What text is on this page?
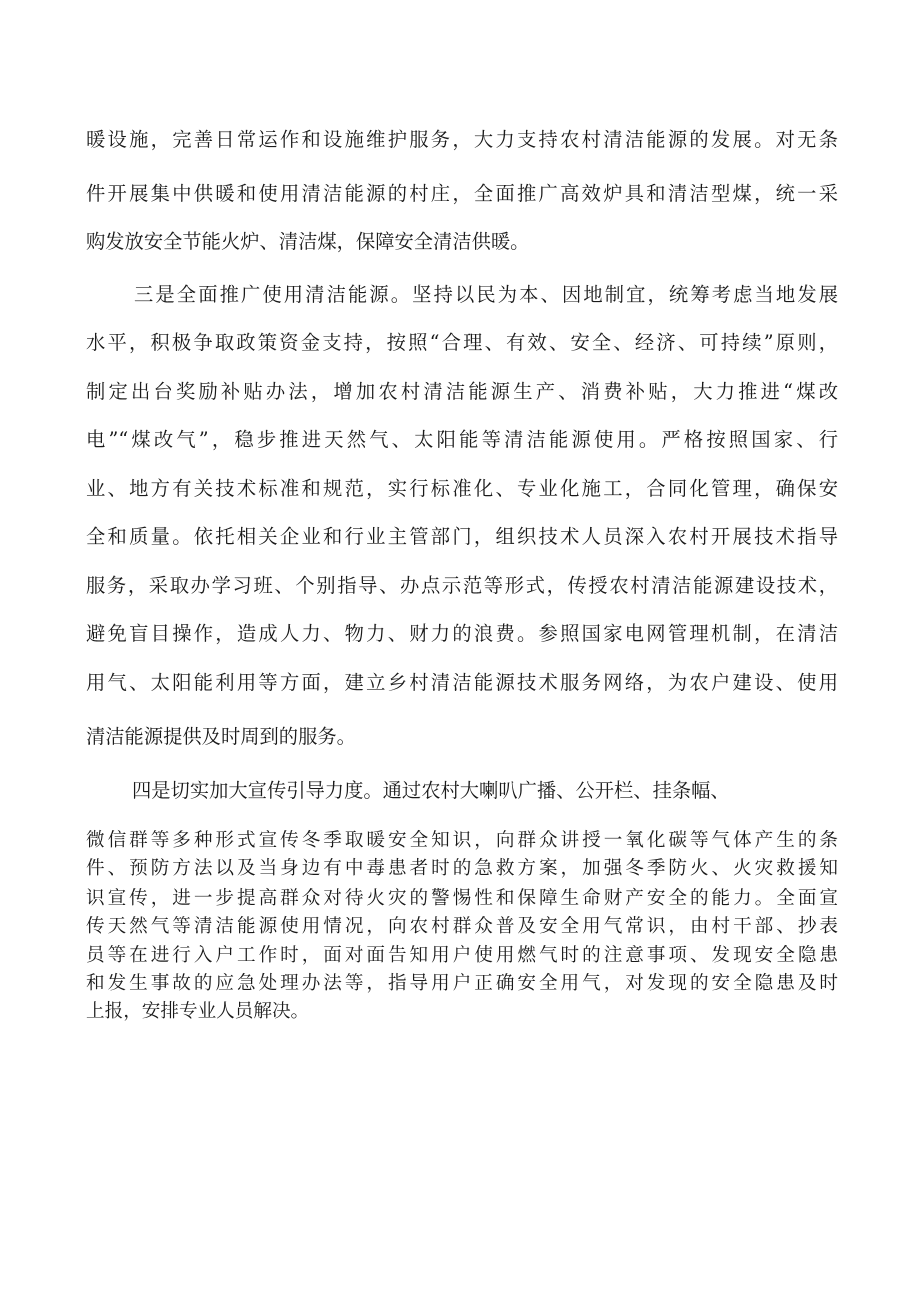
暖设施，完善日常运作和设施维护服务，大力支持农村清洁能源的发展。对无条

件开展集中供暖和使用清洁能源的村庄，全面推广高效炉具和清洁型煤，统一采

购发放安全节能火炉、清洁煤，保障安全清洁供暖。

三是全面推广使用清洁能源。坚持以民为本、因地制宜，统筹考虑当地发展

水平，积极争取政策资金支持，按照“合理、有效、安全、经济、可持续”原则，

制定出台奖励补贴办法，增加农村清洁能源生产、消费补贴，大力推进“煤改

电”“煤改气”，稳步推进天然气、太阳能等清洁能源使用。严格按照国家、行

业、地方有关技术标准和规范，实行标准化、专业化施工，合同化管理，确保安

全和质量。依托相关企业和行业主管部门，组织技术人员深入农村开展技术指导

服务，采取办学习班、个别指导、办点示范等形式，传授农村清洁能源建设技术，

避免盲目操作，造成人力、物力、财力的浪费。参照国家电网管理机制，在清洁

用气、太阳能利用等方面，建立乡村清洁能源技术服务网络，为农户建设、使用

清洁能源提供及时周到的服务。

四是切实加大宣传引导力度。通过农村大喇叭广播、公开栏、挂条幅、

微信群等多种形式宣传冬季取暖安全知识，向群众讲授一氧化碳等气体产生的条

件、预防方法以及当身边有中毒患者时的急救方案，加强冬季防火、火灾救援知

识宣传，进一步提高群众对待火灾的警惕性和保障生命财产安全的能力。全面宣

传天然气等清洁能源使用情况，向农村群众普及安全用气常识，由村干部、抄表

员等在进行入户工作时，面对面告知用户使用燃气时的注意事项、发现安全隐患

和发生事故的应急处理办法等，指导用户正确安全用气，对发现的安全隐患及时

上报，安排专业人员解决。
